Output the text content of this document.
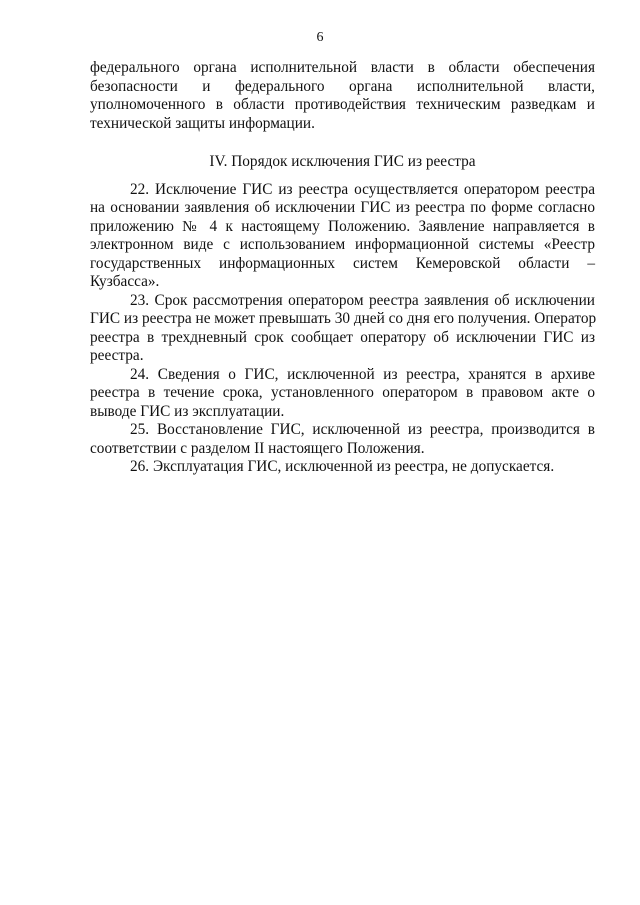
6
федерального органа исполнительной власти в области обеспечения
безопасности и федерального органа исполнительной власти,
уполномоченного в области противодействия техническим разведкам и
технической защиты информации.
IV. Порядок исключения ГИС из реестра
22. Исключение ГИС из реестра осуществляется оператором реестра
на основании заявления об исключении ГИС из реестра по форме согласно
приложению № 4 к настоящему Положению. Заявление направляется в
электронном виде с использованием информационной системы «Реестр
государственных информационных систем Кемеровской области –
Кузбасса».
23. Срок рассмотрения оператором реестра заявления об исключении
ГИС из реестра не может превышать 30 дней со дня его получения. Оператор
реестра в трехдневный срок сообщает оператору об исключении ГИС из
реестра.
24. Сведения о ГИС, исключенной из реестра, хранятся в архиве
реестра в течение срока, установленного оператором в правовом акте о
выводе ГИС из эксплуатации.
25. Восстановление ГИС, исключенной из реестра, производится в
соответствии с разделом II настоящего Положения.
26. Эксплуатация ГИС, исключенной из реестра, не допускается.
